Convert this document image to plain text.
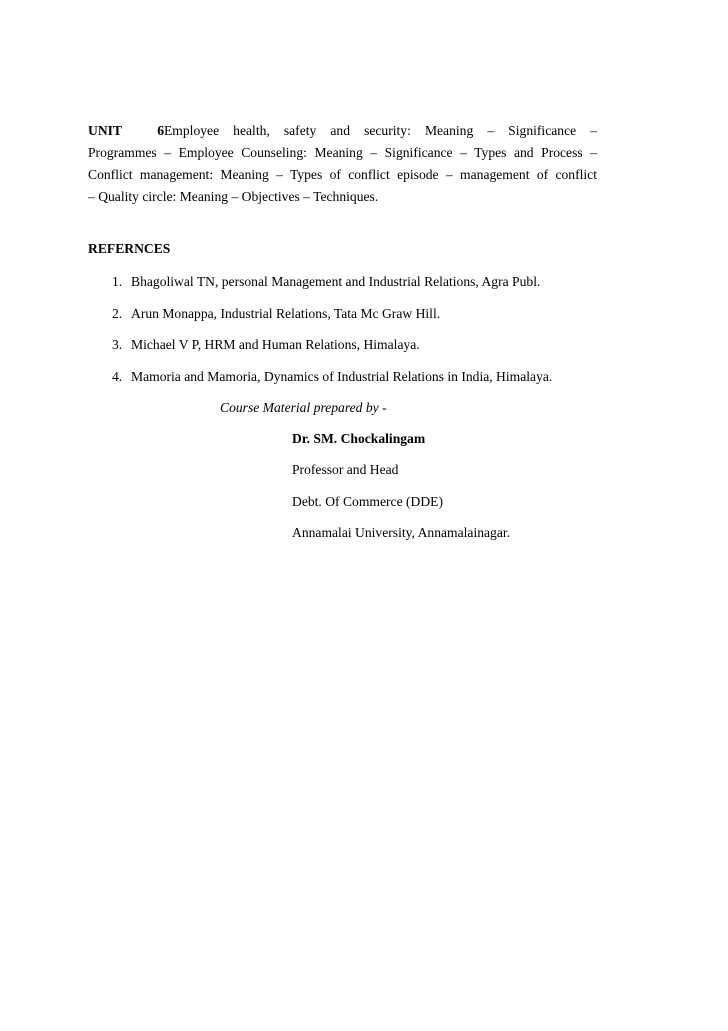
UNIT 6Employee health, safety and security: Meaning – Significance –
Programmes – Employee Counseling: Meaning – Significance – Types and Process –
Conflict management: Meaning – Types of conflict episode – management of conflict
– Quality circle: Meaning – Objectives – Techniques.
REFERNCES
1. Bhagoliwal TN, personal Management and Industrial Relations, Agra Publ.
2. Arun Monappa, Industrial Relations, Tata Mc Graw Hill.
3. Michael V P, HRM and Human Relations, Himalaya.
4. Mamoria and Mamoria, Dynamics of Industrial Relations in India, Himalaya.
Course Material prepared by -
Dr. SM. Chockalingam
Professor and Head
Debt. Of Commerce (DDE)
Annamalai University, Annamalainagar.
